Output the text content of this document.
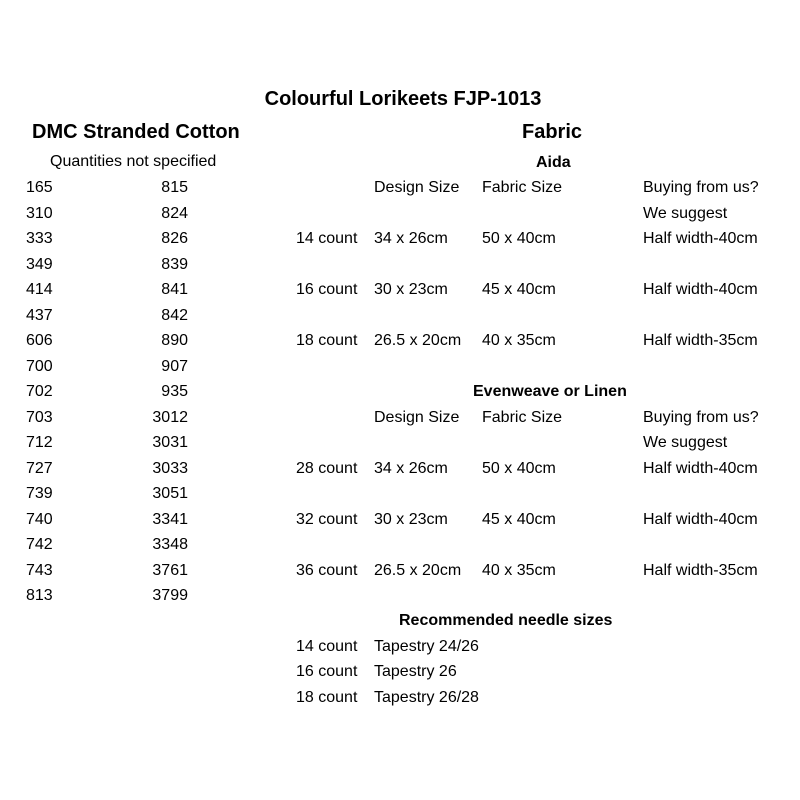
Colourful Lorikeets FJP-1013
DMC Stranded Cotton
Quantities not specified
165	815
310	824
333	826
349	839
414	841
437	842
606	890
700	907
702	935
703	3012
712	3031
727	3033
739	3051
740	3341
742	3348
743	3761
813	3799
Fabric
Aida
Design Size Fabric Size	Buying from us?
We suggest
14 count 34 x 26cm 50 x 40cm	Half width-40cm
16 count 30 x 23cm 45 x 40cm	Half width-40cm
18 count 26.5 x 20cm 40 x 35cm	Half width-35cm
Evenweave or Linen
Design Size Fabric Size	Buying from us?
We suggest
28 count 34 x 26cm 50 x 40cm	Half width-40cm
32 count 30 x 23cm 45 x 40cm	Half width-40cm
36 count 26.5 x 20cm 40 x 35cm	Half width-35cm
Recommended needle sizes
14 count Tapestry 24/26
16 count Tapestry 26
18 count Tapestry 26/28
